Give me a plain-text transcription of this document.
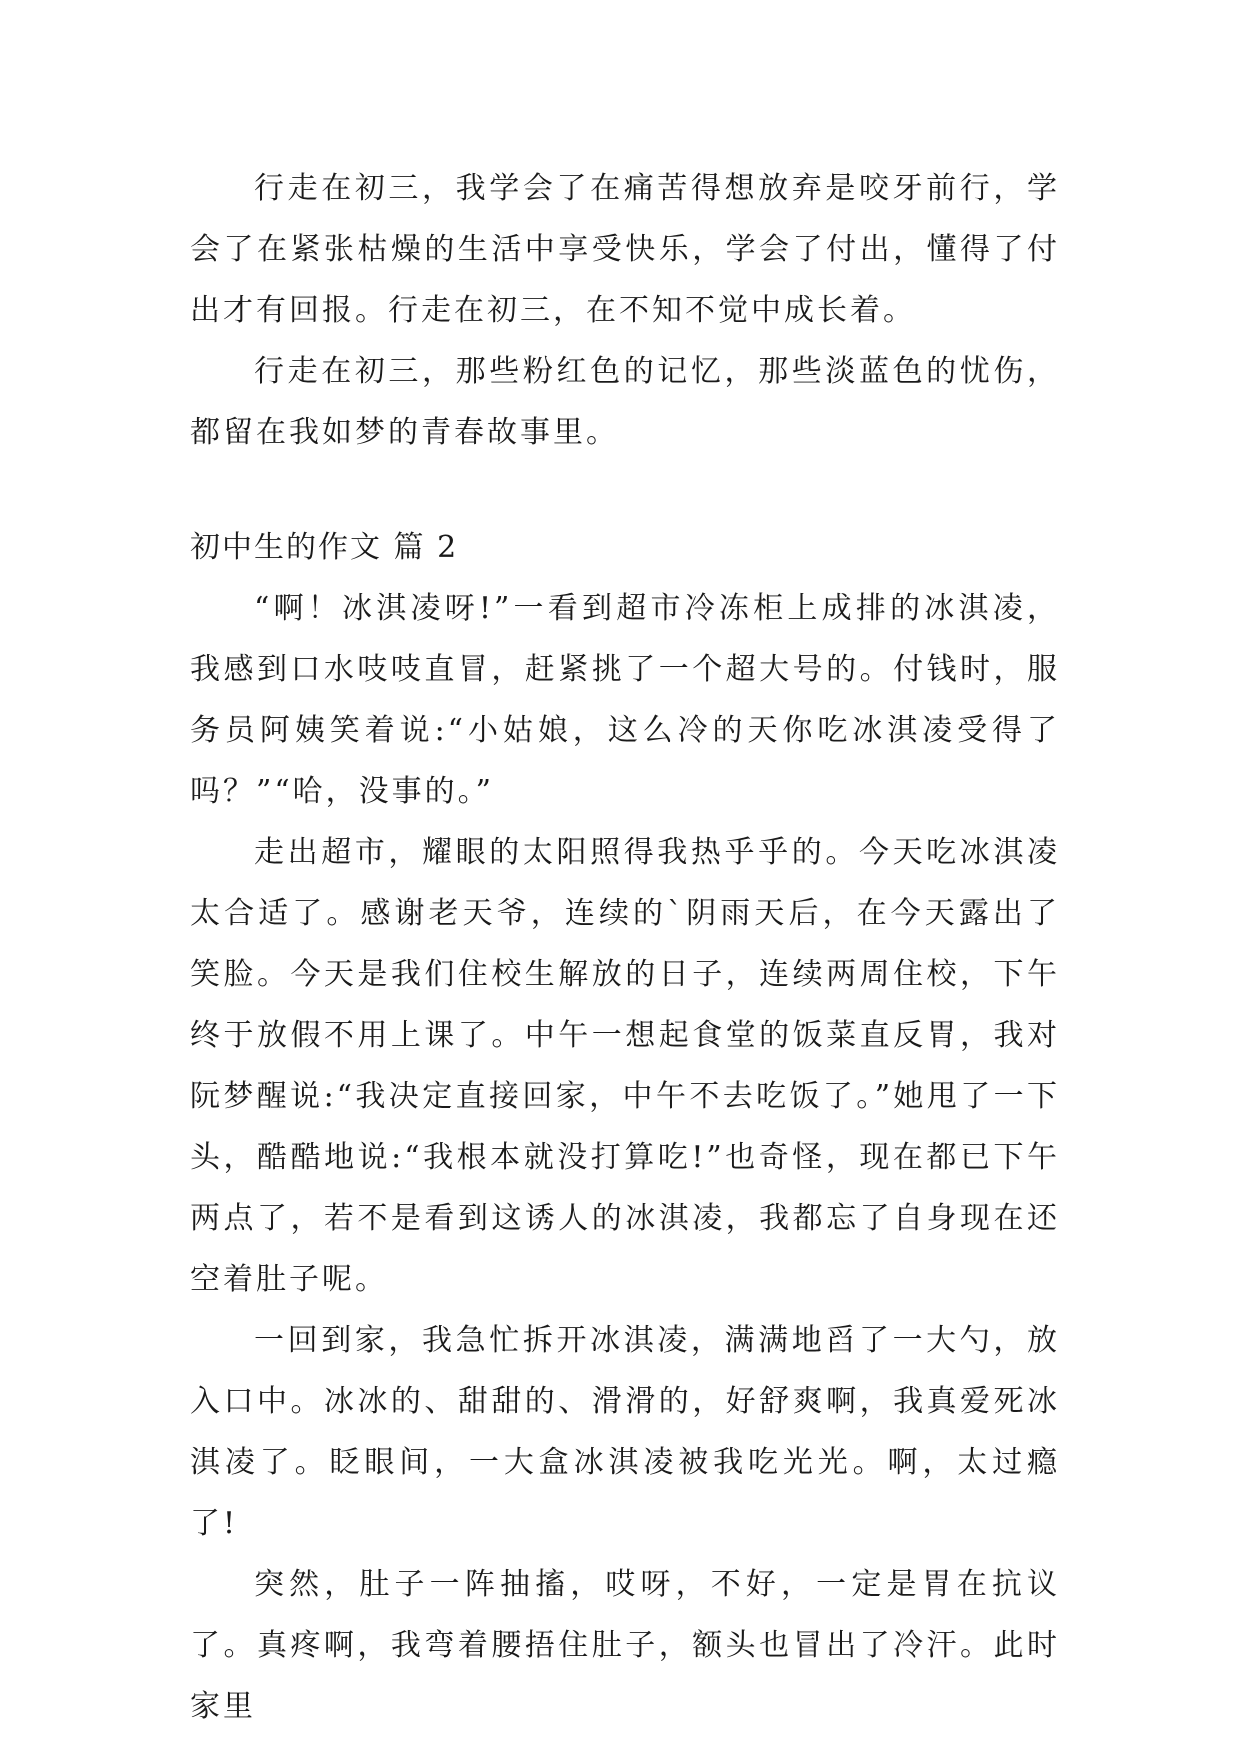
行走在初三，我学会了在痛苦得想放弃是咬牙前行，学会了在紧张枯燥的生活中享受快乐，学会了付出，懂得了付出才有回报。行走在初三，在不知不觉中成长着。

行走在初三，那些粉红色的记忆，那些淡蓝色的忧伤，都留在我如梦的青春故事里。

初中生的作文 篇 2

“啊！冰淇凌呀!”一看到超市冷冻柜上成排的冰淇凌，我感到口水吱吱直冒，赶紧挑了一个超大号的。付钱时，服务员阿姨笑着说:“小姑娘，这么冷的天你吃冰淇凌受得了吗？”“哈，没事的。”

走出超市，耀眼的太阳照得我热乎乎的。今天吃冰淇凌太合适了。感谢老天爷，连续的`阴雨天后，在今天露出了笑脸。今天是我们住校生解放的日子，连续两周住校，下午终于放假不用上课了。中午一想起食堂的饭菜直反胃，我对阮梦醒说:“我决定直接回家，中午不去吃饭了。”她甩了一下头，酷酷地说:“我根本就没打算吃!”也奇怪，现在都已下午两点了，若不是看到这诱人的冰淇凌，我都忘了自身现在还空着肚子呢。

一回到家，我急忙拆开冰淇凌，满满地舀了一大勺，放入口中。冰冰的、甜甜的、滑滑的，好舒爽啊，我真爱死冰淇凌了。眨眼间，一大盒冰淇凌被我吃光光。啊，太过瘾了!

突然，肚子一阵抽搐，哎呀，不好，一定是胃在抗议了。真疼啊，我弯着腰捂住肚子，额头也冒出了冷汗。此时家里
